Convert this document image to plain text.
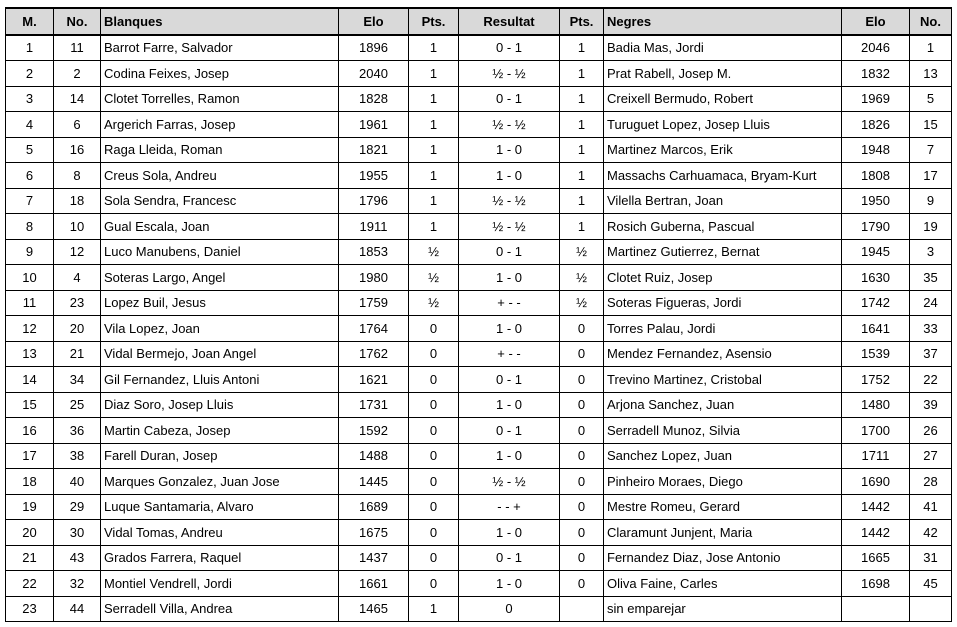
M.	No.	Blanques	Elo	Pts.	Resultat	Pts.	Negres	Elo	No.
1	11	Barrot Farre, Salvador	1896	1	0 - 1	1	Badia Mas, Jordi	2046	1
2	2	Codina Feixes, Josep	2040	1	½ - ½	1	Prat Rabell, Josep M.	1832	13
3	14	Clotet Torrelles, Ramon	1828	1	0 - 1	1	Creixell Bermudo, Robert	1969	5
4	6	Argerich Farras, Josep	1961	1	½ - ½	1	Turuguet Lopez, Josep Lluis	1826	15
5	16	Raga Lleida, Roman	1821	1	1 - 0	1	Martinez Marcos, Erik	1948	7
6	8	Creus Sola, Andreu	1955	1	1 - 0	1	Massachs Carhuamaca, Bryam-Kurt	1808	17
7	18	Sola Sendra, Francesc	1796	1	½ - ½	1	Vilella Bertran, Joan	1950	9
8	10	Gual Escala, Joan	1911	1	½ - ½	1	Rosich Guberna, Pascual	1790	19
9	12	Luco Manubens, Daniel	1853	½	0 - 1	½	Martinez Gutierrez, Bernat	1945	3
10	4	Soteras Largo, Angel	1980	½	1 - 0	½	Clotet Ruiz, Josep	1630	35
11	23	Lopez Buil, Jesus	1759	½	+ - -	½	Soteras Figueras, Jordi	1742	24
12	20	Vila Lopez, Joan	1764	0	1 - 0	0	Torres Palau, Jordi	1641	33
13	21	Vidal Bermejo, Joan Angel	1762	0	+ - -	0	Mendez Fernandez, Asensio	1539	37
14	34	Gil Fernandez, Lluis Antoni	1621	0	0 - 1	0	Trevino Martinez, Cristobal	1752	22
15	25	Diaz Soro, Josep Lluis	1731	0	1 - 0	0	Arjona Sanchez, Juan	1480	39
16	36	Martin Cabeza, Josep	1592	0	0 - 1	0	Serradell Munoz, Silvia	1700	26
17	38	Farell Duran, Josep	1488	0	1 - 0	0	Sanchez Lopez, Juan	1711	27
18	40	Marques Gonzalez, Juan Jose	1445	0	½ - ½	0	Pinheiro Moraes, Diego	1690	28
19	29	Luque Santamaria, Alvaro	1689	0	- - +	0	Mestre Romeu, Gerard	1442	41
20	30	Vidal Tomas, Andreu	1675	0	1 - 0	0	Claramunt Junjent, Maria	1442	42
21	43	Grados Farrera, Raquel	1437	0	0 - 1	0	Fernandez Diaz, Jose Antonio	1665	31
22	32	Montiel Vendrell, Jordi	1661	0	1 - 0	0	Oliva Faine, Carles	1698	45
23	44	Serradell Villa, Andrea	1465	1	0		sin emparejar		
